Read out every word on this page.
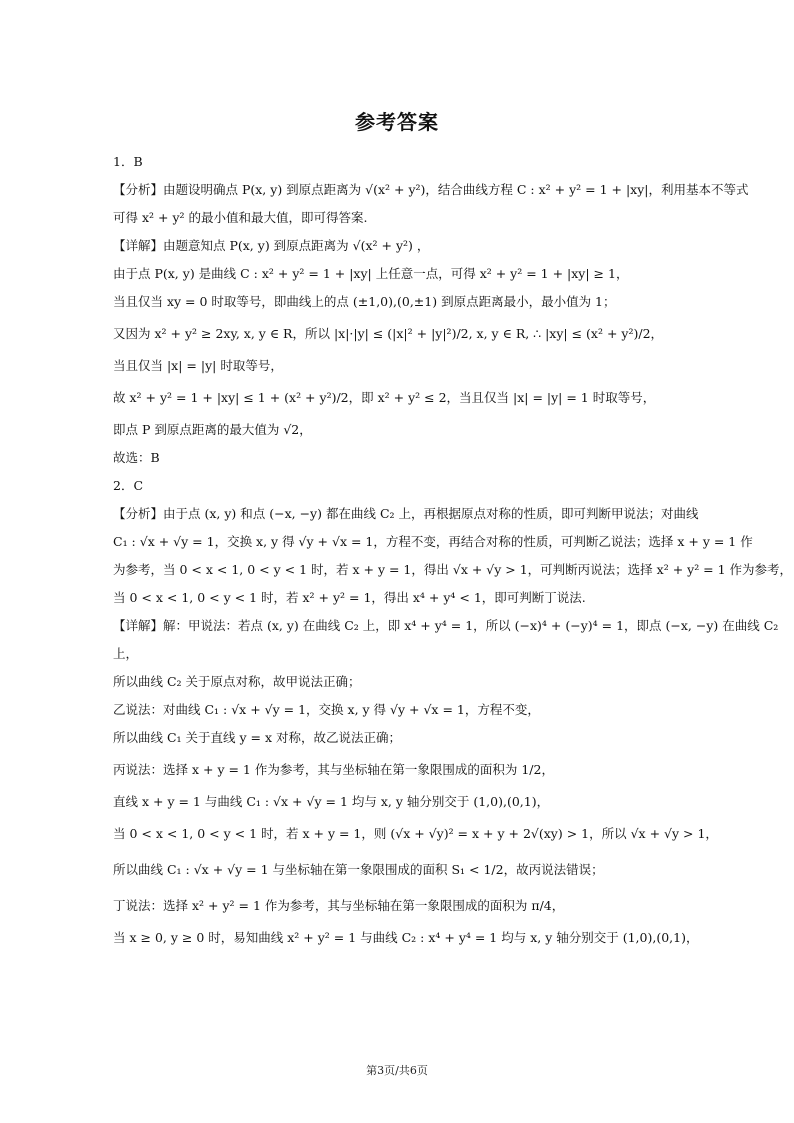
参考答案
1．B
【分析】由题设明确点 P(x, y) 到原点距离为 √(x² + y²)，结合曲线方程 C : x² + y² = 1 + |xy|，利用基本不等式
可得 x² + y² 的最小值和最大值，即可得答案.
【详解】由题意知点 P(x, y) 到原点距离为 √(x² + y²) ，
由于点 P(x, y) 是曲线 C : x² + y² = 1 + |xy| 上任意一点，可得 x² + y² = 1 + |xy| ≥ 1，
当且仅当 xy = 0 时取等号，即曲线上的点 (±1,0),(0,±1) 到原点距离最小，最小值为 1；
又因为 x² + y² ≥ 2xy, x, y ∈ R，所以 |x|·|y| ≤ (|x|² + |y|²)/2, x, y ∈ R, ∴ |xy| ≤ (x² + y²)/2，
当且仅当 |x| = |y| 时取等号，
故 x² + y² = 1 + |xy| ≤ 1 + (x² + y²)/2，即 x² + y² ≤ 2，当且仅当 |x| = |y| = 1 时取等号，
即点 P 到原点距离的最大值为 √2，
故选：B
2．C
【分析】由于点 (x, y) 和点 (−x, −y) 都在曲线 C₂ 上，再根据原点对称的性质，即可判断甲说法；对曲线
C₁ : √x + √y = 1，交换 x, y 得 √y + √x = 1，方程不变，再结合对称的性质，可判断乙说法；选择 x + y = 1 作
为参考，当 0 < x < 1, 0 < y < 1 时，若 x + y = 1，得出 √x + √y > 1，可判断丙说法；选择 x² + y² = 1 作为参考，
当 0 < x < 1, 0 < y < 1 时，若 x² + y² = 1，得出 x⁴ + y⁴ < 1，即可判断丁说法.
【详解】解：甲说法：若点 (x, y) 在曲线 C₂ 上，即 x⁴ + y⁴ = 1，所以 (−x)⁴ + (−y)⁴ = 1，即点 (−x, −y) 在曲线 C₂
上，
所以曲线 C₂ 关于原点对称，故甲说法正确；
乙说法：对曲线 C₁ : √x + √y = 1，交换 x, y 得 √y + √x = 1，方程不变，
所以曲线 C₁ 关于直线 y = x 对称，故乙说法正确；
丙说法：选择 x + y = 1 作为参考，其与坐标轴在第一象限围成的面积为 1/2，
直线 x + y = 1 与曲线 C₁ : √x + √y = 1 均与 x, y 轴分别交于 (1,0),(0,1)，
当 0 < x < 1, 0 < y < 1 时，若 x + y = 1，则 (√x + √y)² = x + y + 2√(xy) > 1，所以 √x + √y > 1，
所以曲线 C₁ : √x + √y = 1 与坐标轴在第一象限围成的面积 S₁ < 1/2，故丙说法错误；
丁说法：选择 x² + y² = 1 作为参考，其与坐标轴在第一象限围成的面积为 π/4，
当 x ≥ 0, y ≥ 0 时，易知曲线 x² + y² = 1 与曲线 C₂ : x⁴ + y⁴ = 1 均与 x, y 轴分别交于 (1,0),(0,1)，
第3页/共6页
